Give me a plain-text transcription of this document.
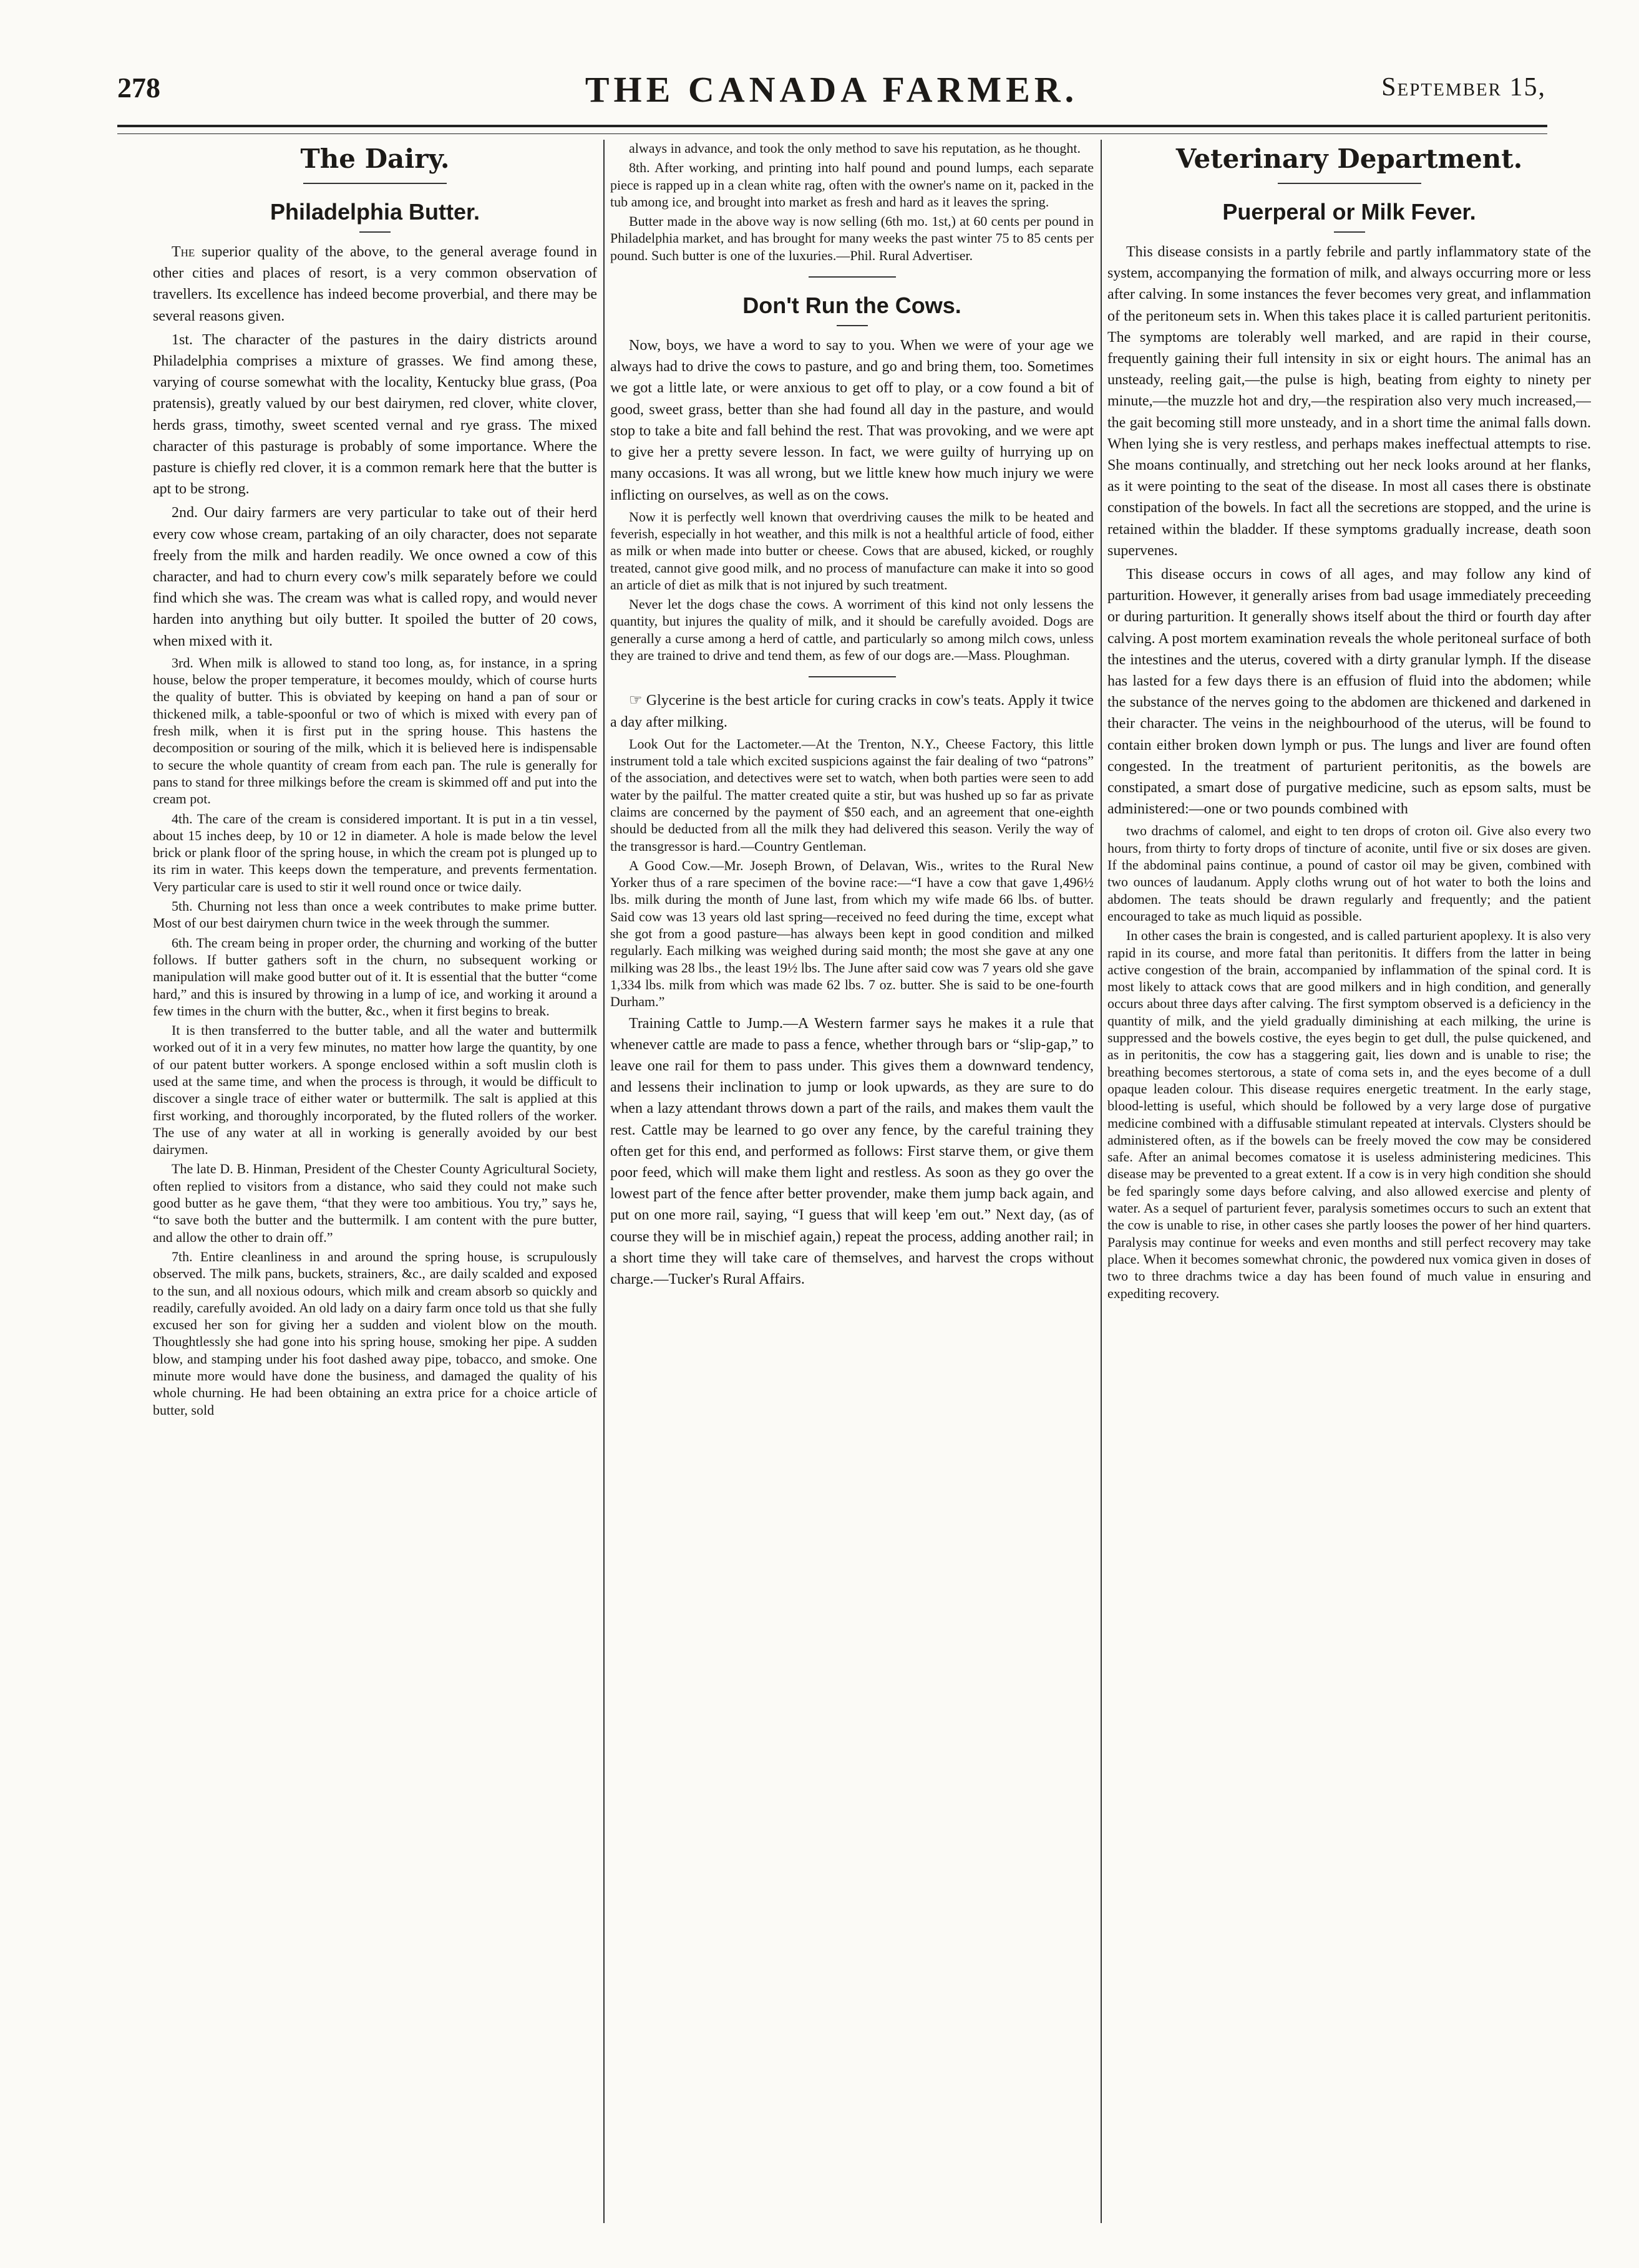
278	THE CANADA FARMER.	September 15,
The Dairy.
Philadelphia Butter.

The superior quality of the above, to the general average found in other cities and places of resort, is a very common observation of travellers. Its excellence has indeed become proverbial, and there may be several reasons given.

1st. The character of the pastures in the dairy districts around Philadelphia comprises a mixture of grasses. We find among these, varying of course somewhat with the locality, Kentucky blue grass, (Poa pratensis), greatly valued by our best dairymen, red clover, white clover, herds grass, timothy, sweet scented vernal and rye grass. The mixed character of this pasturage is probably of some importance. Where the pasture is chiefly red clover, it is a common remark here that the butter is apt to be strong.

2nd. Our dairy farmers are very particular to take out of their herd every cow whose cream, partaking of an oily character, does not separate freely from the milk and harden readily. We once owned a cow of this character, and had to churn every cow's milk separately before we could find which she was. The cream was what is called ropy, and would never harden into anything but oily butter. It spoiled the butter of 20 cows, when mixed with it.

3rd. When milk is allowed to stand too long, as, for instance, in a spring house, below the proper temperature, it becomes mouldy, which of course hurts the quality of butter. This is obviated by keeping on hand a pan of sour or thickened milk, a table-spoonful or two of which is mixed with every pan of fresh milk, when it is first put in the spring house. This hastens the decomposition or souring of the milk, which it is believed here is indispensable to secure the whole quantity of cream from each pan. The rule is generally for pans to stand for three milkings before the cream is skimmed off and put into the cream pot.

4th. The care of the cream is considered important. It is put in a tin vessel, about 15 inches deep, by 10 or 12 in diameter. A hole is made below the level brick or plank floor of the spring house, in which the cream pot is plunged up to its rim in water. This keeps down the temperature, and prevents fermentation. Very particular care is used to stir it well round once or twice daily.

5th. Churning not less than once a week contributes to make prime butter. Most of our best dairymen churn twice in the week through the summer.

6th. The cream being in proper order, the churning and working of the butter follows. If butter gathers soft in the churn, no subsequent working or manipulation will make good butter out of it. It is essential that the butter “come hard,” and this is insured by throwing in a lump of ice, and working it around a few times in the churn with the butter, &c., when it first begins to break.

It is then transferred to the butter table, and all the water and buttermilk worked out of it in a very few minutes, no matter how large the quantity, by one of our patent butter workers. A sponge enclosed within a soft muslin cloth is used at the same time, and when the process is through, it would be difficult to discover a single trace of either water or buttermilk. The salt is applied at this first working, and thoroughly incorporated, by the fluted rollers of the worker. The use of any water at all in working is generally avoided by our best dairymen.

The late D. B. Hinman, President of the Chester County Agricultural Society, often replied to visitors from a distance, who said they could not make such good butter as he gave them, “that they were too ambitious. You try,” says he, “to save both the butter and the buttermilk. I am content with the pure butter, and allow the other to drain off.”

7th. Entire cleanliness in and around the spring house, is scrupulously observed. The milk pans, buckets, strainers, &c., are daily scalded and exposed to the sun, and all noxious odours, which milk and cream absorb so quickly and readily, carefully avoided. An old lady on a dairy farm once told us that she fully excused her son for giving her a sudden and violent blow on the mouth. Thoughtlessly she had gone into his spring house, smoking her pipe. A sudden blow, and stamping under his foot dashed away pipe, tobacco, and smoke. One minute more would have done the business, and damaged the quality of his whole churning. He had been obtaining an extra price for a choice article of butter, sold

always in advance, and took the only method to save his reputation, as he thought.

8th. After working, and printing into half pound and pound lumps, each separate piece is rapped up in a clean white rag, often with the owner's name on it, packed in the tub among ice, and brought into market as fresh and hard as it leaves the spring.

Butter made in the above way is now selling (6th mo. 1st,) at 60 cents per pound in Philadelphia market, and has brought for many weeks the past winter 75 to 85 cents per pound. Such butter is one of the luxuries.—Phil. Rural Advertiser.

Don't Run the Cows.

Now, boys, we have a word to say to you. When we were of your age we always had to drive the cows to pasture, and go and bring them, too. Sometimes we got a little late, or were anxious to get off to play, or a cow found a bit of good, sweet grass, better than she had found all day in the pasture, and would stop to take a bite and fall behind the rest. That was provoking, and we were apt to give her a pretty severe lesson. In fact, we were guilty of hurrying up on many occasions. It was all wrong, but we little knew how much injury we were inflicting on ourselves, as well as on the cows.

Now it is perfectly well known that overdriving causes the milk to be heated and feverish, especially in hot weather, and this milk is not a healthful article of food, either as milk or when made into butter or cheese. Cows that are abused, kicked, or roughly treated, cannot give good milk, and no process of manufacture can make it into so good an article of diet as milk that is not injured by such treatment.

Never let the dogs chase the cows. A worriment of this kind not only lessens the quantity, but injures the quality of milk, and it should be carefully avoided. Dogs are generally a curse among a herd of cattle, and particularly so among milch cows, unless they are trained to drive and tend them, as few of our dogs are.—Mass. Ploughman.

☞ Glycerine is the best article for curing cracks in cow's teats. Apply it twice a day after milking.

Look Out for the Lactometer.—At the Trenton, N.Y., Cheese Factory, this little instrument told a tale which excited suspicions against the fair dealing of two “patrons” of the association, and detectives were set to watch, when both parties were seen to add water by the pailful. The matter created quite a stir, but was hushed up so far as private claims are concerned by the payment of $50 each, and an agreement that one-eighth should be deducted from all the milk they had delivered this season. Verily the way of the transgressor is hard.—Country Gentleman.

A Good Cow.—Mr. Joseph Brown, of Delavan, Wis., writes to the Rural New Yorker thus of a rare specimen of the bovine race:—“I have a cow that gave 1,496½ lbs. milk during the month of June last, from which my wife made 66 lbs. of butter. Said cow was 13 years old last spring—received no feed during the time, except what she got from a good pasture—has always been kept in good condition and milked regularly. Each milking was weighed during said month; the most she gave at any one milking was 28 lbs., the least 19½ lbs. The June after said cow was 7 years old she gave 1,334 lbs. milk from which was made 62 lbs. 7 oz. butter. She is said to be one-fourth Durham.”

Training Cattle to Jump.—A Western farmer says he makes it a rule that whenever cattle are made to pass a fence, whether through bars or “slip-gap,” to leave one rail for them to pass under. This gives them a downward tendency, and lessens their inclination to jump or look upwards, as they are sure to do when a lazy attendant throws down a part of the rails, and makes them vault the rest. Cattle may be learned to go over any fence, by the careful training they often get for this end, and performed as follows: First starve them, or give them poor feed, which will make them light and restless. As soon as they go over the lowest part of the fence after better provender, make them jump back again, and put on one more rail, saying, “I guess that will keep 'em out.” Next day, (as of course they will be in mischief again,) repeat the process, adding another rail; in a short time they will take care of themselves, and harvest the crops without charge.—Tucker's Rural Affairs.

Veterinary Department.
Puerperal or Milk Fever.

This disease consists in a partly febrile and partly inflammatory state of the system, accompanying the formation of milk, and always occurring more or less after calving. In some instances the fever becomes very great, and inflammation of the peritoneum sets in. When this takes place it is called parturient peritonitis. The symptoms are tolerably well marked, and are rapid in their course, frequently gaining their full intensity in six or eight hours. The animal has an unsteady, reeling gait,—the pulse is high, beating from eighty to ninety per minute,—the muzzle hot and dry,—the respiration also very much increased,—the gait becoming still more unsteady, and in a short time the animal falls down. When lying she is very restless, and perhaps makes ineffectual attempts to rise. She moans continually, and stretching out her neck looks around at her flanks, as it were pointing to the seat of the disease. In most all cases there is obstinate constipation of the bowels. In fact all the secretions are stopped, and the urine is retained within the bladder. If these symptoms gradually increase, death soon supervenes.

This disease occurs in cows of all ages, and may follow any kind of parturition. However, it generally arises from bad usage immediately preceeding or during parturition. It generally shows itself about the third or fourth day after calving. A post mortem examination reveals the whole peritoneal surface of both the intestines and the uterus, covered with a dirty granular lymph. If the disease has lasted for a few days there is an effusion of fluid into the abdomen; while the substance of the nerves going to the abdomen are thickened and darkened in their character. The veins in the neighbourhood of the uterus, will be found to contain either broken down lymph or pus. The lungs and liver are found often congested. In the treatment of parturient peritonitis, as the bowels are constipated, a smart dose of purgative medicine, such as epsom salts, must be administered:—one or two pounds combined with

two drachms of calomel, and eight to ten drops of croton oil. Give also every two hours, from thirty to forty drops of tincture of aconite, until five or six doses are given. If the abdominal pains continue, a pound of castor oil may be given, combined with two ounces of laudanum. Apply cloths wrung out of hot water to both the loins and abdomen. The teats should be drawn regularly and frequently; and the patient encouraged to take as much liquid as possible.

In other cases the brain is congested, and is called parturient apoplexy. It is also very rapid in its course, and more fatal than peritonitis. It differs from the latter in being active congestion of the brain, accompanied by inflammation of the spinal cord. It is most likely to attack cows that are good milkers and in high condition, and generally occurs about three days after calving. The first symptom observed is a deficiency in the quantity of milk, and the yield gradually diminishing at each milking, the urine is suppressed and the bowels costive, the eyes begin to get dull, the pulse quickened, and as in peritonitis, the cow has a staggering gait, lies down and is unable to rise; the breathing becomes stertorous, a state of coma sets in, and the eyes become of a dull opaque leaden colour. This disease requires energetic treatment. In the early stage, blood-letting is useful, which should be followed by a very large dose of purgative medicine combined with a diffusable stimulant repeated at intervals. Clysters should be administered often, as if the bowels can be freely moved the cow may be considered safe. After an animal becomes comatose it is useless administering medicines. This disease may be prevented to a great extent. If a cow is in very high condition she should be fed sparingly some days before calving, and also allowed exercise and plenty of water. As a sequel of parturient fever, paralysis sometimes occurs to such an extent that the cow is unable to rise, in other cases she partly looses the power of her hind quarters. Paralysis may continue for weeks and even months and still perfect recovery may take place. When it becomes somewhat chronic, the powdered nux vomica given in doses of two to three drachms twice a day has been found of much value in ensuring and expediting recovery.
